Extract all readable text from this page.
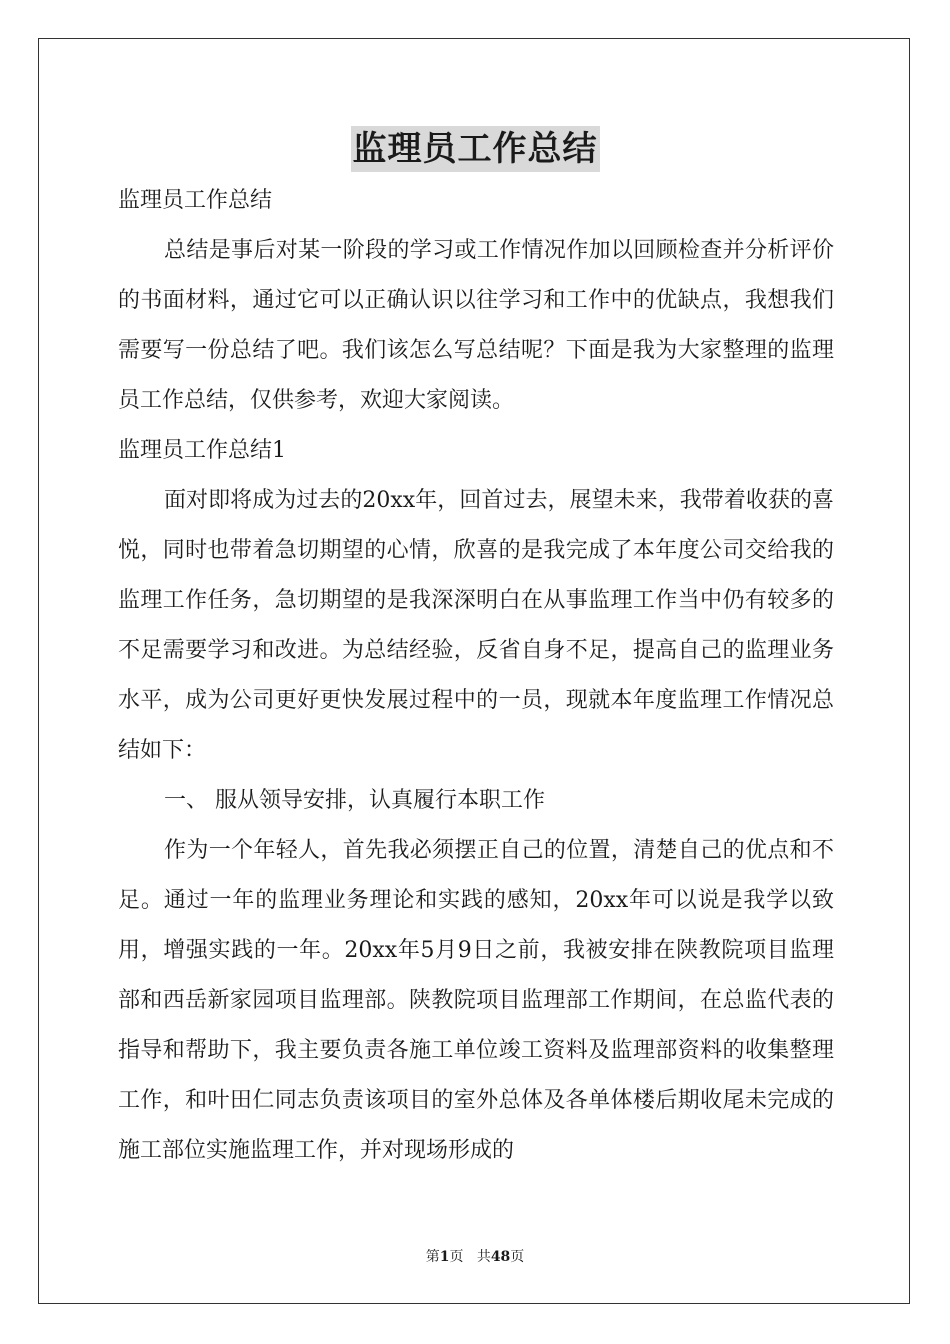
监理员工作总结

监理员工作总结

总结是事后对某一阶段的学习或工作情况作加以回顾检查并分析评价的书面材料，通过它可以正确认识以往学习和工作中的优缺点，我想我们需要写一份总结了吧。我们该怎么写总结呢？下面是我为大家整理的监理员工作总结，仅供参考，欢迎大家阅读。

监理员工作总结1

面对即将成为过去的20xx年，回首过去，展望未来，我带着收获的喜悦，同时也带着急切期望的心情，欣喜的是我完成了本年度公司交给我的监理工作任务，急切期望的是我深深明白在从事监理工作当中仍有较多的不足需要学习和改进。为总结经验，反省自身不足，提高自己的监理业务水平，成为公司更好更快发展过程中的一员，现就本年度监理工作情况总结如下：

一、 服从领导安排，认真履行本职工作

作为一个年轻人，首先我必须摆正自己的位置，清楚自己的优点和不足。通过一年的监理业务理论和实践的感知，20xx年可以说是我学以致用，增强实践的一年。20xx年5月9日之前，我被安排在陕教院项目监理部和西岳新家园项目监理部。陕教院项目监理部工作期间，在总监代表的指导和帮助下，我主要负责各施工单位竣工资料及监理部资料的收集整理工作，和叶田仁同志负责该项目的室外总体及各单体楼后期收尾未完成的施工部位实施监理工作，并对现场形成的

第1页 共48页
